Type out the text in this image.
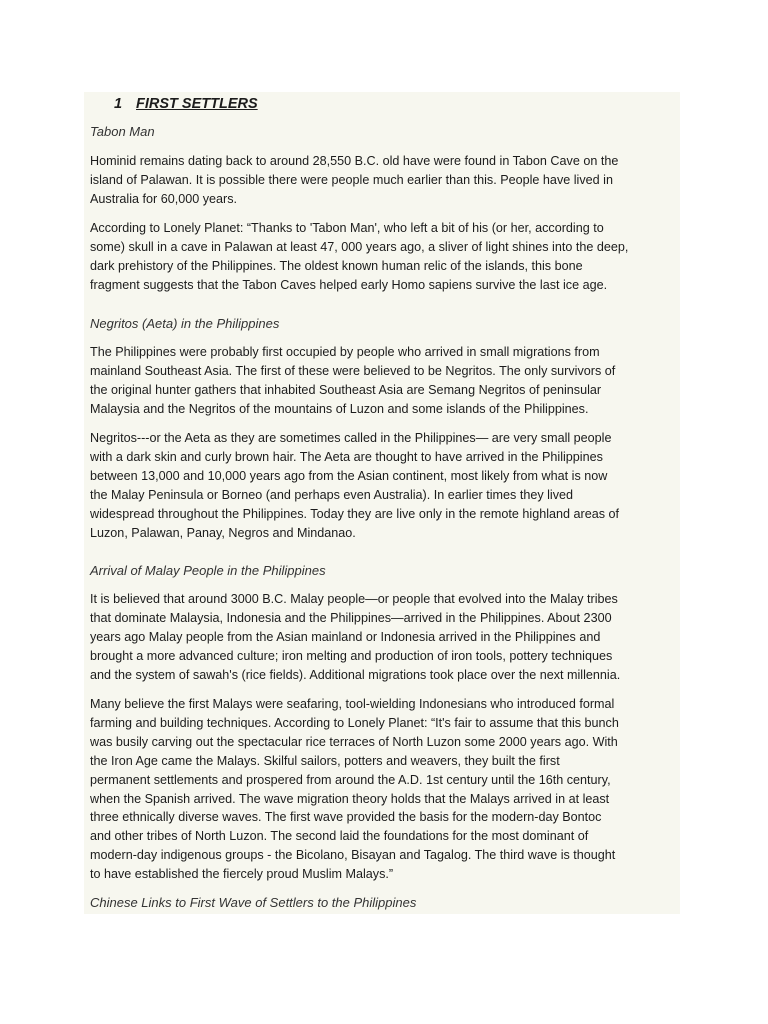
1 FIRST SETTLERS
Tabon Man
Hominid remains dating back to around 28,550 B.C. old have were found in Tabon Cave on the
island of Palawan. It is possible there were people much earlier than this. People have lived in
Australia for 60,000 years.
According to Lonely Planet: “Thanks to 'Tabon Man', who left a bit of his (or her, according to
some) skull in a cave in Palawan at least 47, 000 years ago, a sliver of light shines into the deep,
dark prehistory of the Philippines. The oldest known human relic of the islands, this bone
fragment suggests that the Tabon Caves helped early Homo sapiens survive the last ice age.
Negritos (Aeta) in the Philippines
The Philippines were probably first occupied by people who arrived in small migrations from
mainland Southeast Asia. The first of these were believed to be Negritos. The only survivors of
the original hunter gathers that inhabited Southeast Asia are Semang Negritos of peninsular
Malaysia and the Negritos of the mountains of Luzon and some islands of the Philippines.
Negritos---or the Aeta as they are sometimes called in the Philippines— are very small people
with a dark skin and curly brown hair. The Aeta are thought to have arrived in the Philippines
between 13,000 and 10,000 years ago from the Asian continent, most likely from what is now
the Malay Peninsula or Borneo (and perhaps even Australia). In earlier times they lived
widespread throughout the Philippines. Today they are live only in the remote highland areas of
Luzon, Palawan, Panay, Negros and Mindanao.
Arrival of Malay People in the Philippines
It is believed that around 3000 B.C. Malay people—or people that evolved into the Malay tribes
that dominate Malaysia, Indonesia and the Philippines—arrived in the Philippines. About 2300
years ago Malay people from the Asian mainland or Indonesia arrived in the Philippines and
brought a more advanced culture; iron melting and production of iron tools, pottery techniques
and the system of sawah's (rice fields). Additional migrations took place over the next millennia.
Many believe the first Malays were seafaring, tool-wielding Indonesians who introduced formal
farming and building techniques. According to Lonely Planet: “It's fair to assume that this bunch
was busily carving out the spectacular rice terraces of North Luzon some 2000 years ago. With
the Iron Age came the Malays. Skilful sailors, potters and weavers, they built the first
permanent settlements and prospered from around the A.D. 1st century until the 16th century,
when the Spanish arrived. The wave migration theory holds that the Malays arrived in at least
three ethnically diverse waves. The first wave provided the basis for the modern-day Bontoc
and other tribes of North Luzon. The second laid the foundations for the most dominant of
modern-day indigenous groups - the Bicolano, Bisayan and Tagalog. The third wave is thought
to have established the fiercely proud Muslim Malays.”
Chinese Links to First Wave of Settlers to the Philippines
